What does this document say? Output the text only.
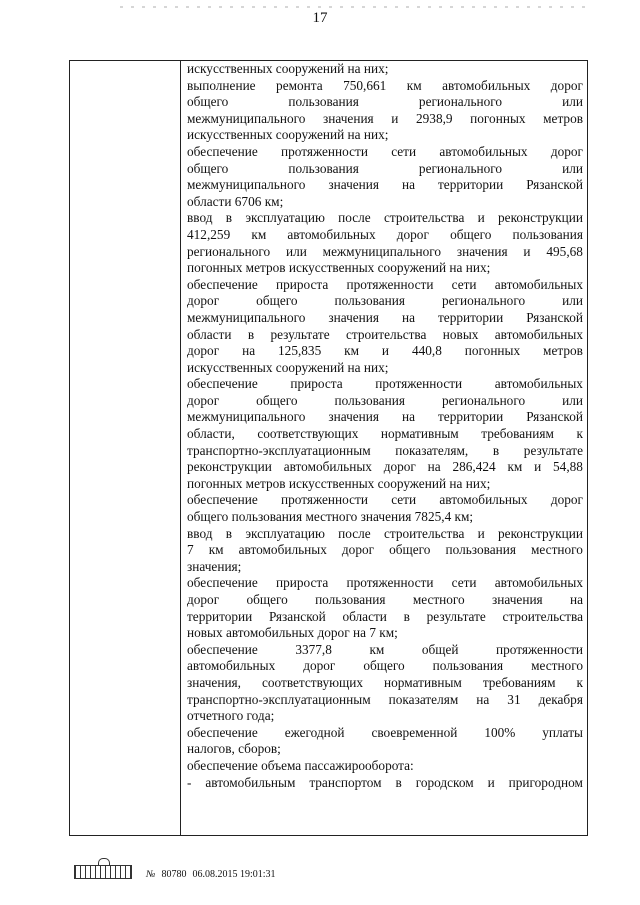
17
искусственных сооружений на них;
выполнение ремонта 750,661 км автомобильных дорог
общего	пользования	регионального	или
межмуниципального значения и 2938,9 погонных метров
искусственных сооружений на них;
обеспечение протяженности сети автомобильных дорог
общего	пользования	регионального	или
межмуниципального значения на территории Рязанской
области 6706 км;
ввод в эксплуатацию после строительства и реконструкции
412,259 км автомобильных дорог общего пользования
регионального или межмуниципального значения и 495,68
погонных метров искусственных сооружений на них;
обеспечение прироста протяженности сети автомобильных
дорог	общего	пользования	регионального	или
межмуниципального значения на территории Рязанской
области в результате строительства новых автомобильных
дорог на 125,835 км и 440,8 погонных метров
искусственных сооружений на них;
обеспечение прироста протяженности автомобильных
дорог	общего	пользования	регионального	или
межмуниципального значения на территории Рязанской
области, соответствующих нормативным требованиям к
транспортно-эксплуатационным показателям, в результате
реконструкции автомобильных дорог на 286,424 км и 54,88
погонных метров искусственных сооружений на них;
обеспечение протяженности сети автомобильных дорог
общего пользования местного значения 7825,4 км;
ввод в эксплуатацию после строительства и реконструкции
7 км автомобильных дорог общего пользования местного
значения;
обеспечение прироста протяженности сети автомобильных
дорог общего пользования местного значения на
территории Рязанской области в результате строительства
новых автомобильных дорог на 7 км;
обеспечение	3377,8	км	общей	протяженности
автомобильных дорог общего пользования местного
значения, соответствующих нормативным требованиям к
транспортно-эксплуатационным показателям на 31 декабря
отчетного года;
обеспечение ежегодной своевременной 100% уплаты
налогов, сборов;
обеспечение объема пассажирооборота:
- автомобильным транспортом в городском и пригородном
№ 80780 06.08.2015 19:01:31
